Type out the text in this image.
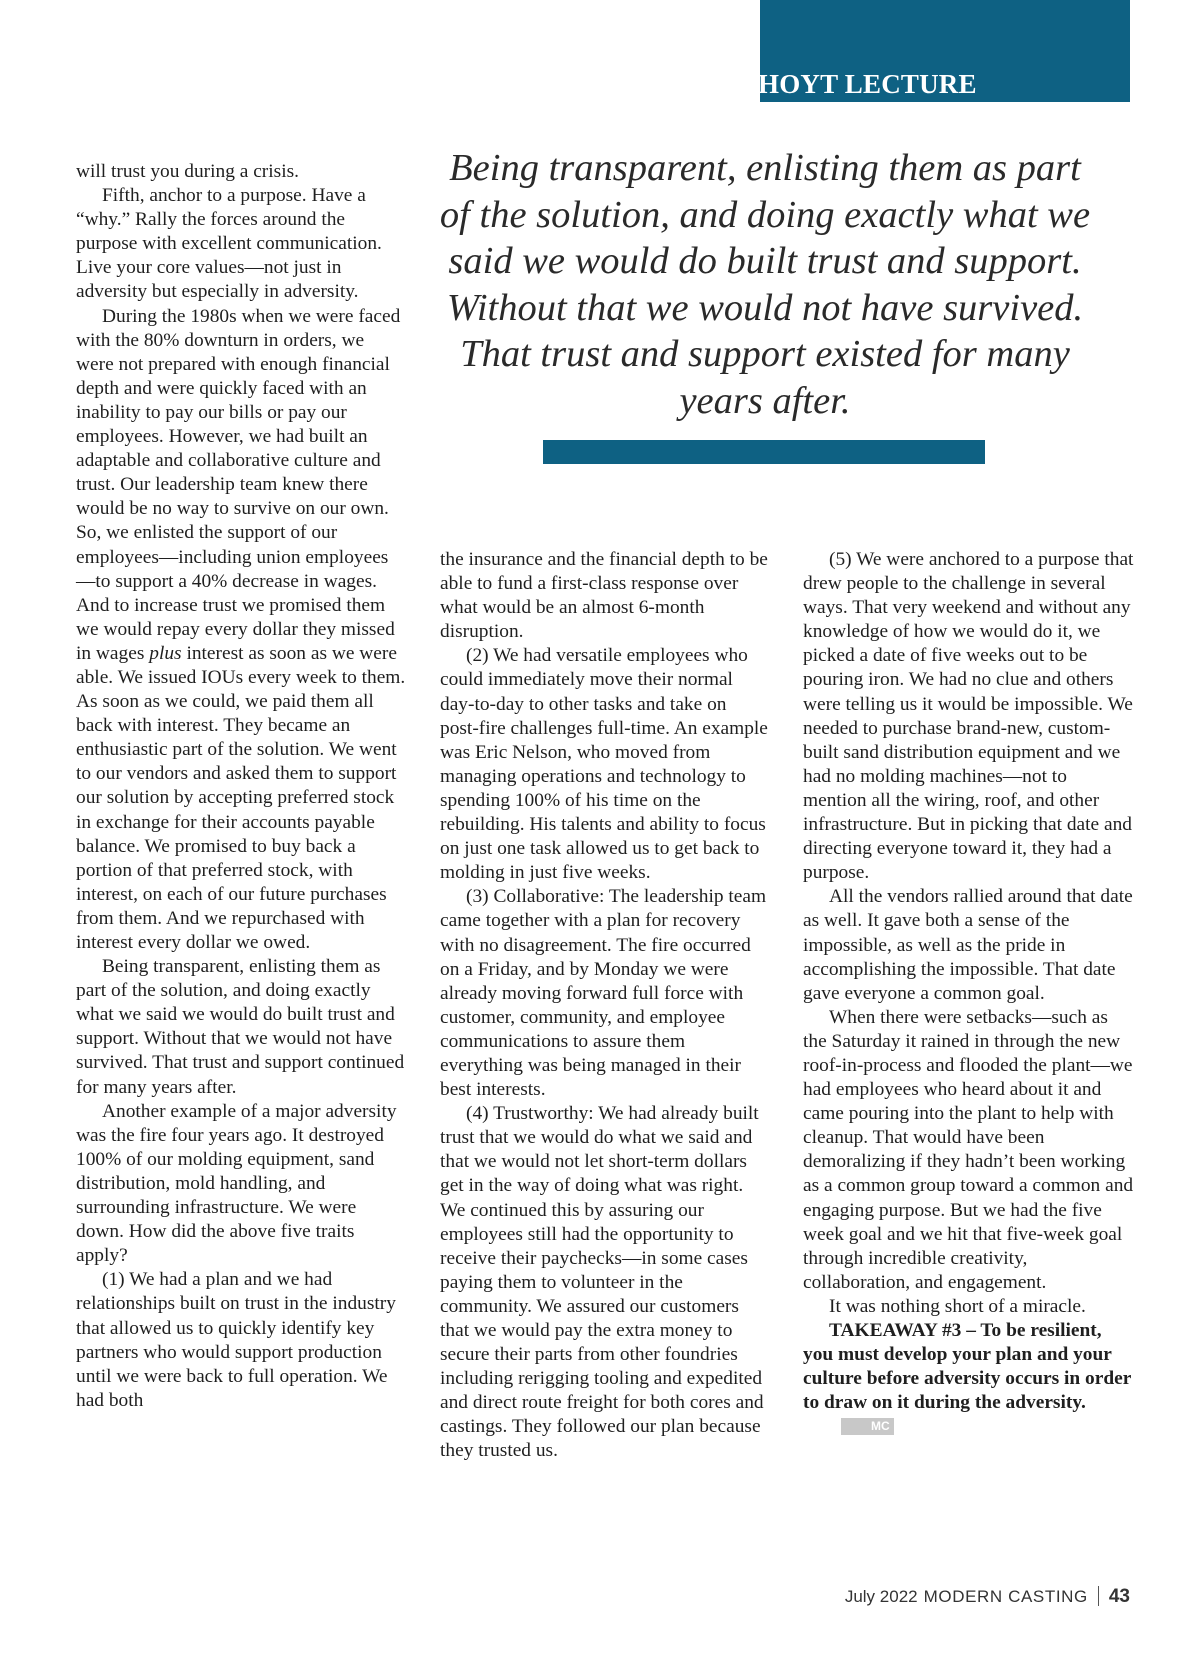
HOYT LECTURE

will trust you during a crisis.

Fifth, anchor to a purpose. Have a “why.” Rally the forces around the purpose with excellent communication. Live your core values—not just in adversity but especially in adversity.

During the 1980s when we were faced with the 80% downturn in orders, we were not prepared with enough financial depth and were quickly faced with an inability to pay our bills or pay our employees. However, we had built an adaptable and collaborative culture and trust. Our leadership team knew there would be no way to survive on our own. So, we enlisted the support of our employees—including union employees—to support a 40% decrease in wages. And to increase trust we promised them we would repay every dollar they missed in wages plus interest as soon as we were able. We issued IOUs every week to them. As soon as we could, we paid them all back with interest. They became an enthusiastic part of the solution. We went to our vendors and asked them to support our solution by accepting preferred stock in exchange for their accounts payable balance. We promised to buy back a portion of that preferred stock, with interest, on each of our future purchases from them. And we repurchased with interest every dollar we owed.

Being transparent, enlisting them as part of the solution, and doing exactly what we said we would do built trust and support. Without that we would not have survived. That trust and support continued for many years after.

Another example of a major adversity was the fire four years ago. It destroyed 100% of our molding equipment, sand distribution, mold handling, and surrounding infrastructure. We were down. How did the above five traits apply?

(1) We had a plan and we had relationships built on trust in the industry that allowed us to quickly identify key partners who would support production until we were back to full operation. We had both

Being transparent, enlisting them as part of the solution, and doing exactly what we said we would do built trust and support. Without that we would not have survived. That trust and support existed for many years after.

the insurance and the financial depth to be able to fund a first-class response over what would be an almost 6-month disruption.

(2) We had versatile employees who could immediately move their normal day-to-day to other tasks and take on post-fire challenges full-time. An example was Eric Nelson, who moved from managing operations and technology to spending 100% of his time on the rebuilding. His talents and ability to focus on just one task allowed us to get back to molding in just five weeks.

(3) Collaborative: The leadership team came together with a plan for recovery with no disagreement. The fire occurred on a Friday, and by Monday we were already moving forward full force with customer, community, and employee communications to assure them everything was being managed in their best interests.

(4) Trustworthy: We had already built trust that we would do what we said and that we would not let short-term dollars get in the way of doing what was right. We continued this by assuring our employees still had the opportunity to receive their paychecks—in some cases paying them to volunteer in the community. We assured our customers that we would pay the extra money to secure their parts from other foundries including rerigging tooling and expedited and direct route freight for both cores and castings. They followed our plan because they trusted us.

(5) We were anchored to a purpose that drew people to the challenge in several ways. That very weekend and without any knowledge of how we would do it, we picked a date of five weeks out to be pouring iron. We had no clue and others were telling us it would be impossible. We needed to purchase brand-new, custom-built sand distribution equipment and we had no molding machines—not to mention all the wiring, roof, and other infrastructure. But in picking that date and directing everyone toward it, they had a purpose.

All the vendors rallied around that date as well. It gave both a sense of the impossible, as well as the pride in accomplishing the impossible. That date gave everyone a common goal.

When there were setbacks—such as the Saturday it rained in through the new roof-in-process and flooded the plant—we had employees who heard about it and came pouring into the plant to help with cleanup. That would have been demoralizing if they hadn’t been working as a common group toward a common and engaging purpose. But we had the five week goal and we hit that five-week goal through incredible creativity, collaboration, and engagement.

It was nothing short of a miracle.

TAKEAWAY #3 – To be resilient, you must develop your plan and your culture before adversity occurs in order to draw on it during the adversity.MC

July 2022 MODERN CASTING 43
